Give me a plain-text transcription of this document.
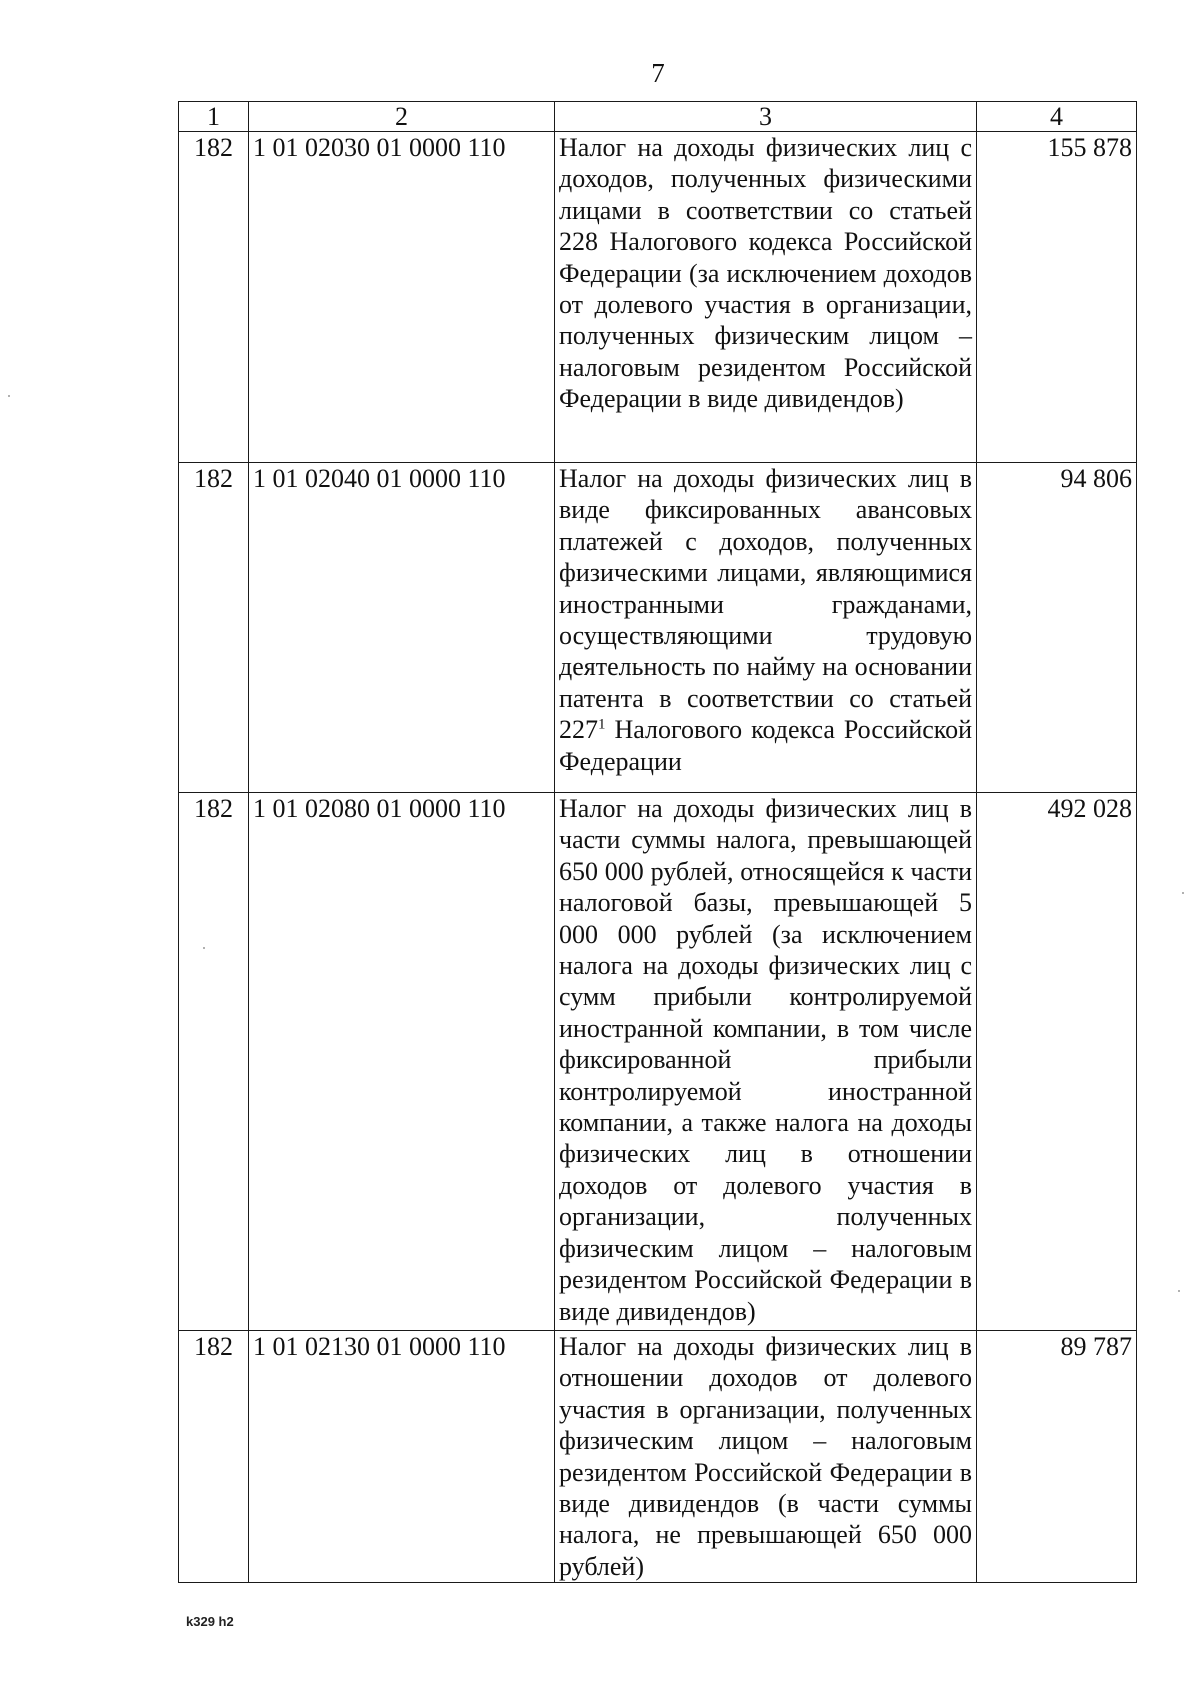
7
1	2	3	4
182	1 01 02030 01 0000 110	Налог на доходы физических лиц с доходов, полученных физическими лицами в соответствии со статьей 228 Налогового кодекса Российской Федерации (за исключением доходов от долевого участия в организации, полученных физическим лицом – налоговым резидентом Российской Федерации в виде дивидендов)	155 878
182	1 01 02040 01 0000 110	Налог на доходы физических лиц в виде фиксированных авансовых платежей с доходов, полученных физическими лицами, являющимися иностранными гражданами, осуществляющими трудовую деятельность по найму на основании патента в соответствии со статьей $227^1$ Налогового кодекса Российской Федерации	94 806
182	1 01 02080 01 0000 110	Налог на доходы физических лиц в части суммы налога, превышающей 650 000 рублей, относящейся к части налоговой базы, превышающей 5 000 000 рублей (за исключением налога на доходы физических лиц с сумм прибыли контролируемой иностранной компании, в том числе фиксированной прибыли контролируемой иностранной компании, а также налога на доходы физических лиц в отношении доходов от долевого участия в организации, полученных физическим лицом – налоговым резидентом Российской Федерации в виде дивидендов)	492 028
182	1 01 02130 01 0000 110	Налог на доходы физических лиц в отношении доходов от долевого участия в организации, полученных физическим лицом – налоговым резидентом Российской Федерации в виде дивидендов (в части суммы налога, не превышающей 650 000 рублей)	89 787
k329 h2
